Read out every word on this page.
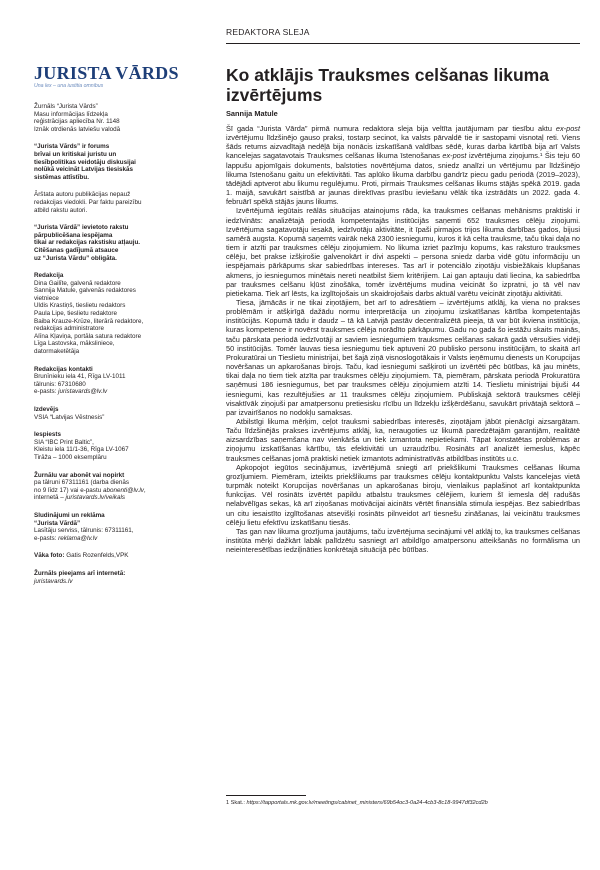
REDAKTORA SLEJA
JURISTA VĀRDS
Una lex – una iustitia omnibus

Žurnāls “Jurista Vārds”
Masu informācijas līdzekļa
reģistrācijas apliecība Nr. 1148
Iznāk otrdienās latviešu valodā

“Jurista Vārds” ir forums
brīvai un kritiskai juristu un
tiesībpolitikas veidotāju diskusijai
nolūkā veicināt Latvijas tiesiskās
sistēmas attīstību.

Ārštata autoru publikācijas nepauž
redakcijas viedokli. Par faktu pareizību
atbild rakstu autori.

“Jurista Vārdā” ievietoto rakstu
pārpublicēšana iespējama
tikai ar redakcijas rakstisku atļauju.
Citēšanas gadījumā atsauce
uz “Jurista Vārdu” obligāta.

Redakcija

Dina Gailīte, galvenā redaktore
Sannija Matule, galvenās redaktores
vietniece
Uldis Krastiņš, tieslietu redaktors
Paula Lipe, tieslietu redaktore
Baiba Krauze-Krūze, literārā redaktore,
redakcijas administratore
Alīna Kļaviņa, portāla satura redaktore
Līga Lastovska, māksliniece,
datormaketētāja

Redakcijas kontakti

Brunīnieku iela 41, Rīga LV-1011
tālrunis: 67310680

e-pasts: juristavards@lv.lv

Izdevējs

VSIA “Latvijas Vēstnesis”

Iespiests

SIA “IBC Print Baltic”,
Kleistu iela 11/1-36, Rīga LV-1067
Tirāža – 1000 eksemplāru

Žurnālu var abonēt vai nopirkt

pa tālruni 67311161 (darba dienās
no 9 līdz 17) vai e-pastu abonenti@lv.lv,
internetā – juristavards.lv/veikals

Sludinājumi un reklāma
“Jurista Vārdā”

Lasītāju serviss, tālrunis: 67311161,
e-pasts: reklama@lv.lv

Vāka foto: Gatis Rozenfelds,VPK

Žurnāls pieejams arī internetā:

juristavards.lv

Ko atklājis Trauksmes celšanas likuma izvērtējums
Sannija Matule

Šī gada “Jurista Vārda” pirmā numura redaktora sleja bija veltīta jautājumam par tiesību aktu ex-post izvērtējumu līdzšinējo gauso praksi, tostarp secinot, ka valsts pārvaldē tie ir sastopami visnotaļ reti. Viens šāds retums aizvadītajā nedēļā bija nonācis izskatīšanā valdības sēdē, kuras darba kārtībā bija arī Valsts kancelejas sagatavotais Trauksmes celšanas likuma īstenošanas ex-post izvērtējuma ziņojums.¹ Šis teju 60 lappušu apjomīgais dokuments, balstoties novērtējuma datos, sniedz analīzi un vērtējumu par līdzšinējo likuma īstenošanu gaitu un efektivitāti. Tas aplūko likuma darbību gandrīz piecu gadu periodā (2019–2023), tādējādi aptverot abu likumu regulējumu. Proti, pirmais Trauksmes celšanas likums stājās spēkā 2019. gada 1. maijā, savukārt saistībā ar jaunas direktīvas prasību ieviešanu vēlāk tika izstrādāts un 2022. gada 4. februārī spēkā stājās jauns likums.

Izvērtējumā iegūtais reālās situācijas atainojums rāda, ka trauksmes celšanas mehānisms praktiski ir iedzīvināts: analizētajā periodā kompetentajās institūcijās saņemti 652 trauksmes cēlēju ziņojumi. Izvērtējuma sagatavotāju iesakā, iedzīvotāju aktivitāte, it īpaši pirmajos trijos likuma darbības gados, bijusi samērā augsta. Kopumā saņemts vairāk nekā 2300 iesniegumu, kuros it kā celta trauksme, taču tikai daļa no tiem ir atzīti par trauksmes cēlēju ziņojumiem. No likuma izriet pazīmju kopums, kas raksturo trauksmes cēlēju, bet prakse izšķirošie galvenokārt ir divi aspekti – persona sniedz darba vidē gūtu informāciju un iespējamais pārkāpums skar sabiedrības intereses. Tas arī ir potenciālo ziņotāju visbiežākais klupšanas akmens, jo iesniegumos minētais nereti neatbilst šiem kritērijiem. Lai gan aptauju dati liecina, ka sabiedrība par trauksmes celšanu kļūst zinošāka, tomēr izvērtējums mudina veicināt šo izpratni, jo tā vēl nav pietiekama. Tiek arī lēsts, ka izglītojošais un skaidrojošais darbs aktuāl varētu veicināt ziņotāju aktivitāti.

Tiesa, jāmācās ir ne tikai ziņotājiem, bet arī to adresātiem – izvērtējums atklāj, ka viena no prakses problēmām ir atšķirīgā dažādu normu interpretācija un ziņojumu izskatīšanas kārtība kompetentajās institūcijās. Kopumā tādu ir daudz – tā kā Latvijā pastāv decentralizētā pieeja, tā var būt ikviena institūcija, kuras kompetence ir novērst trauksmes cēlēja norādīto pārkāpumu. Gadu no gada šo iestāžu skaits mainās, taču pārskata periodā iedzīvotāji ar saviem iesniegumiem trauksmes celšanas sakarā gadā vērsušies vidēji 50 institūcijās. Tomēr lauvas tiesa iesniegumu tiek aptuveni 20 publisko personu institūcijām, to skaitā arī Prokuratūrai un Tieslietu ministrijai, bet šajā ziņā visnoslogotākais ir Valsts ieņēmumu dienests un Korupcijas novēršanas un apkarošanas birojs. Taču, kad iesniegumi sašķiroti un izvērtēti pēc būtības, kā jau minēts, tikai daļa no tiem tiek atzīta par trauksmes cēlēju ziņojumiem. Tā, piemēram, pārskata periodā Prokuratūra saņēmusi 186 iesniegumus, bet par trauksmes cēlēju ziņojumiem atzīti 14. Tieslietu ministrijai bijuši 44 iesniegumi, kas rezultējušies ar 11 trauksmes cēlēju ziņojumiem. Publiskajā sektorā trauksmes cēlēji visaktīvāk ziņojuši par amatpersonu pretiesisku rīcību un līdzekļu izšķērdēšanu, savukārt privātajā sektorā – par izvairīšanos no nodokļu samaksas.

Atbilstīgi likuma mērķim, ceļot trauksmi sabiedrības interesēs, ziņotājam jābūt pienācīgi aizsargātam. Taču līdzšinējās prakses izvērtējums atklāj, ka, neraugoties uz likumā paredzētajām garantijām, realitātē aizsardzības saņemšana nav vienkārša un tiek izmantota nepietiekami. Tāpat konstatētas problēmas ar ziņojumu izskatīšanas kārtību, tās efektivitāti un uzraudzību. Rosināts arī analizēt iemeslus, kāpēc trauksmes celšanas jomā praktiski netiek izmantots administratīvās atbildības institūts u.c.

Apkopojot iegūtos secinājumus, izvērtējumā sniegti arī priekšlikumi Trauksmes celšanas likuma grozījumiem. Piemēram, izteikts priekšlikums par trauksmes cēlēju kontaktpunktu Valsts kancelejas vietā turpmāk noteikt Korupcijas novēršanas un apkarošanas biroju, vienlaikus paplašinot arī kontaktpunkta funkcijas. Vēl rosināts izvērtēt papildu atbalstu trauksmes cēlējiem, kuriem šī iemesla dēļ radušās nelabvēlīgas sekas, kā arī ziņošanas motivācijai aicināts vērtēt finansiāla stimula iespējas. Bez sabiedrības un citu iesaistīto izglītošanas atsevišķi rosināts pilnveidot arī tiesnešu zināšanas, lai veicinātu trauksmes cēlēju lietu efektīvu izskatīšanu tiesās.

Tas gan nav likuma grozījuma jautājums, taču izvērtējuma secinājumi vēl atklāj to, ka trauksmes celšanas institūta mērķi dažkārt labāk palīdzētu sasniegt arī atbildīgo amatpersonu atteikšanās no formālisma un neieinteresētības iedziļināties konkrētajā situācijā pēc būtības.

1 Skat.: https://tapportals.mk.gov.lv/meetings/cabinet_ministers/69b54oc3-0a24-4cb3-8c18-9947df32cd2b
